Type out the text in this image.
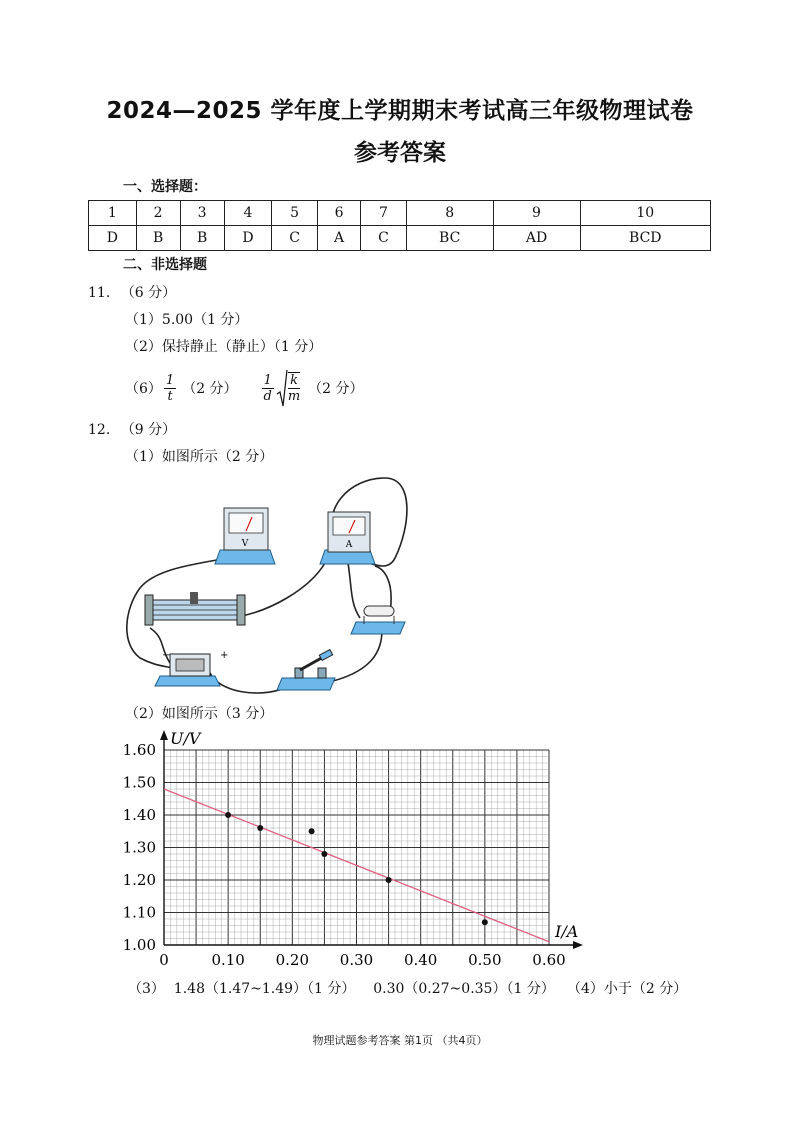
2024—2025 学年度上学期期末考试高三年级物理试卷
参考答案
一、选择题：
1	2	3	4	5	6	7	8	9	10
D	B	B	D	C	A	C	BC	AD	BCD
二、非选择题
11. （6 分）
（1）5.00（1 分）
（2）保持静止（静止）（1 分）
$(6) \frac{1}{t} (2$ 分） $\frac{1}{d} \frac{k}{m} (2$ 分）
12. （9 分）
（1）如图所示（2 分）
V	A
−	+
（2）如图所示（3 分）
0	0.10 0.20 0.30 0.40 0.50 0.60
1.00
1.10
1.20
1.30
1.40
1.50
1.60
U/V
I/A
（3）  1.48（1.47~1.49）（1 分）    0.30（0.27~0.35）（1 分） （4）小于（2 分）
物理试题参考答案 第1页 （共4页）
